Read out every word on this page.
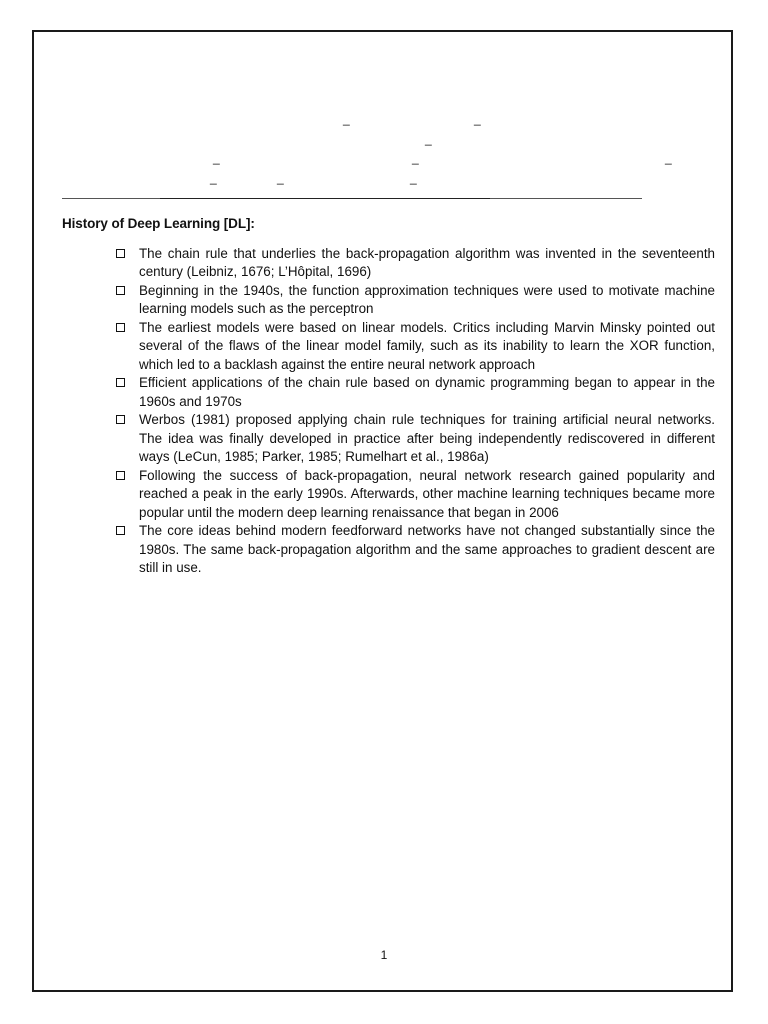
_	_
_
_	_	_
_	_	_
History of Deep Learning [DL]:
The chain rule that underlies the back-propagation algorithm was invented in the seventeenth century (Leibniz, 1676; L’Hôpital, 1696)
Beginning in the 1940s, the function approximation techniques were used to motivate machine learning models such as the perceptron
The earliest models were based on linear models. Critics including Marvin Minsky pointed out several of the flaws of the linear model family, such as its inability to learn the XOR function, which led to a backlash against the entire neural network approach
Efficient applications of the chain rule based on dynamic programming began to appear in the 1960s and 1970s
Werbos (1981) proposed applying chain rule techniques for training artificial neural networks. The idea was finally developed in practice after being independently rediscovered in different ways (LeCun, 1985; Parker, 1985; Rumelhart et al., 1986a)
Following the success of back-propagation, neural network research gained popularity and reached a peak in the early 1990s. Afterwards, other machine learning techniques became more popular until the modern deep learning renaissance that began in 2006
The core ideas behind modern feedforward networks have not changed substantially since the 1980s. The same back-propagation algorithm and the same approaches to gradient descent are still in use.
1
